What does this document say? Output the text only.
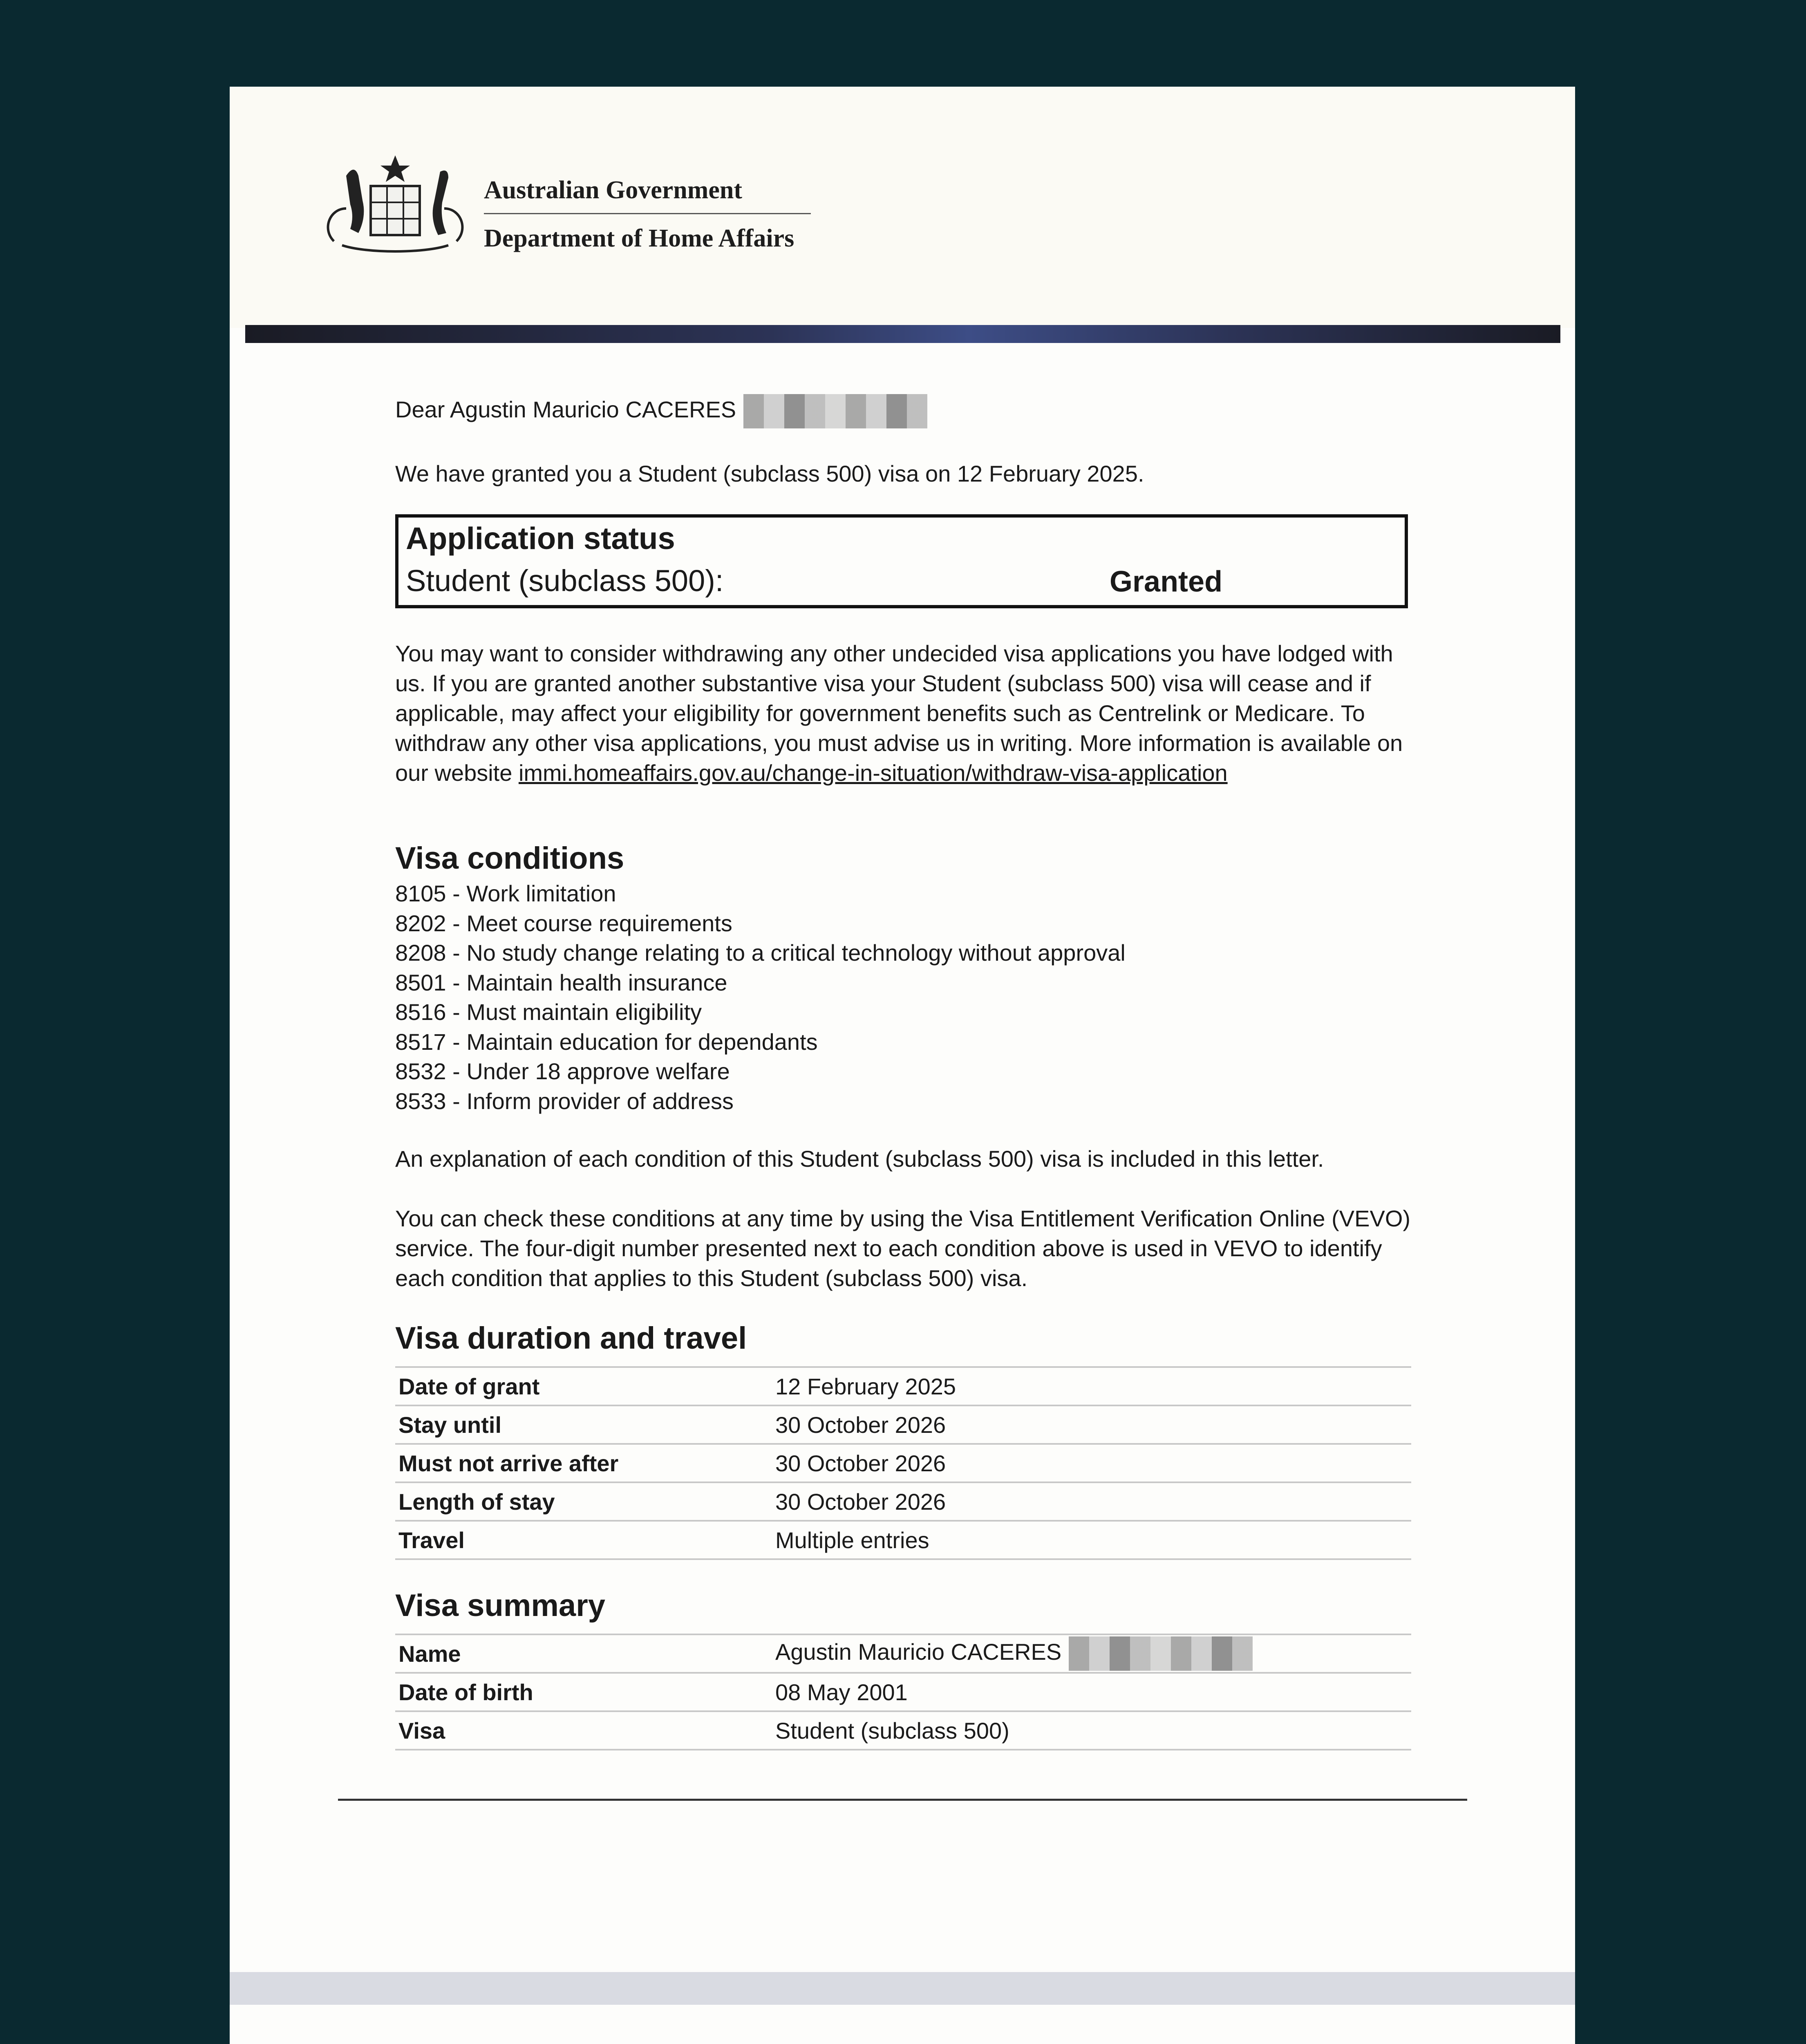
Australian Government
Department of Home Affairs

Dear Agustin Mauricio CACERES

We have granted you a Student (subclass 500) visa on 12 February 2025.

Application status
Student (subclass 500):	Granted

You may want to consider withdrawing any other undecided visa applications you have lodged with us. If you are granted another substantive visa your Student (subclass 500) visa will cease and if applicable, may affect your eligibility for government benefits such as Centrelink or Medicare. To withdraw any other visa applications, you must advise us in writing. More information is available on our website immi.homeaffairs.gov.au/change-in-situation/withdraw-visa-application

Visa conditions
8105 - Work limitation
8202 - Meet course requirements
8208 - No study change relating to a critical technology without approval
8501 - Maintain health insurance
8516 - Must maintain eligibility
8517 - Maintain education for dependants
8532 - Under 18 approve welfare
8533 - Inform provider of address

An explanation of each condition of this Student (subclass 500) visa is included in this letter.

You can check these conditions at any time by using the Visa Entitlement Verification Online (VEVO) service. The four-digit number presented next to each condition above is used in VEVO to identify each condition that applies to this Student (subclass 500) visa.

Visa duration and travel
Date of grant	12 February 2025
Stay until	30 October 2026
Must not arrive after	30 October 2026
Length of stay	30 October 2026
Travel	Multiple entries
Visa summary
Name	Agustin Mauricio CACERES
Date of birth	08 May 2001
Visa	Student (subclass 500)
